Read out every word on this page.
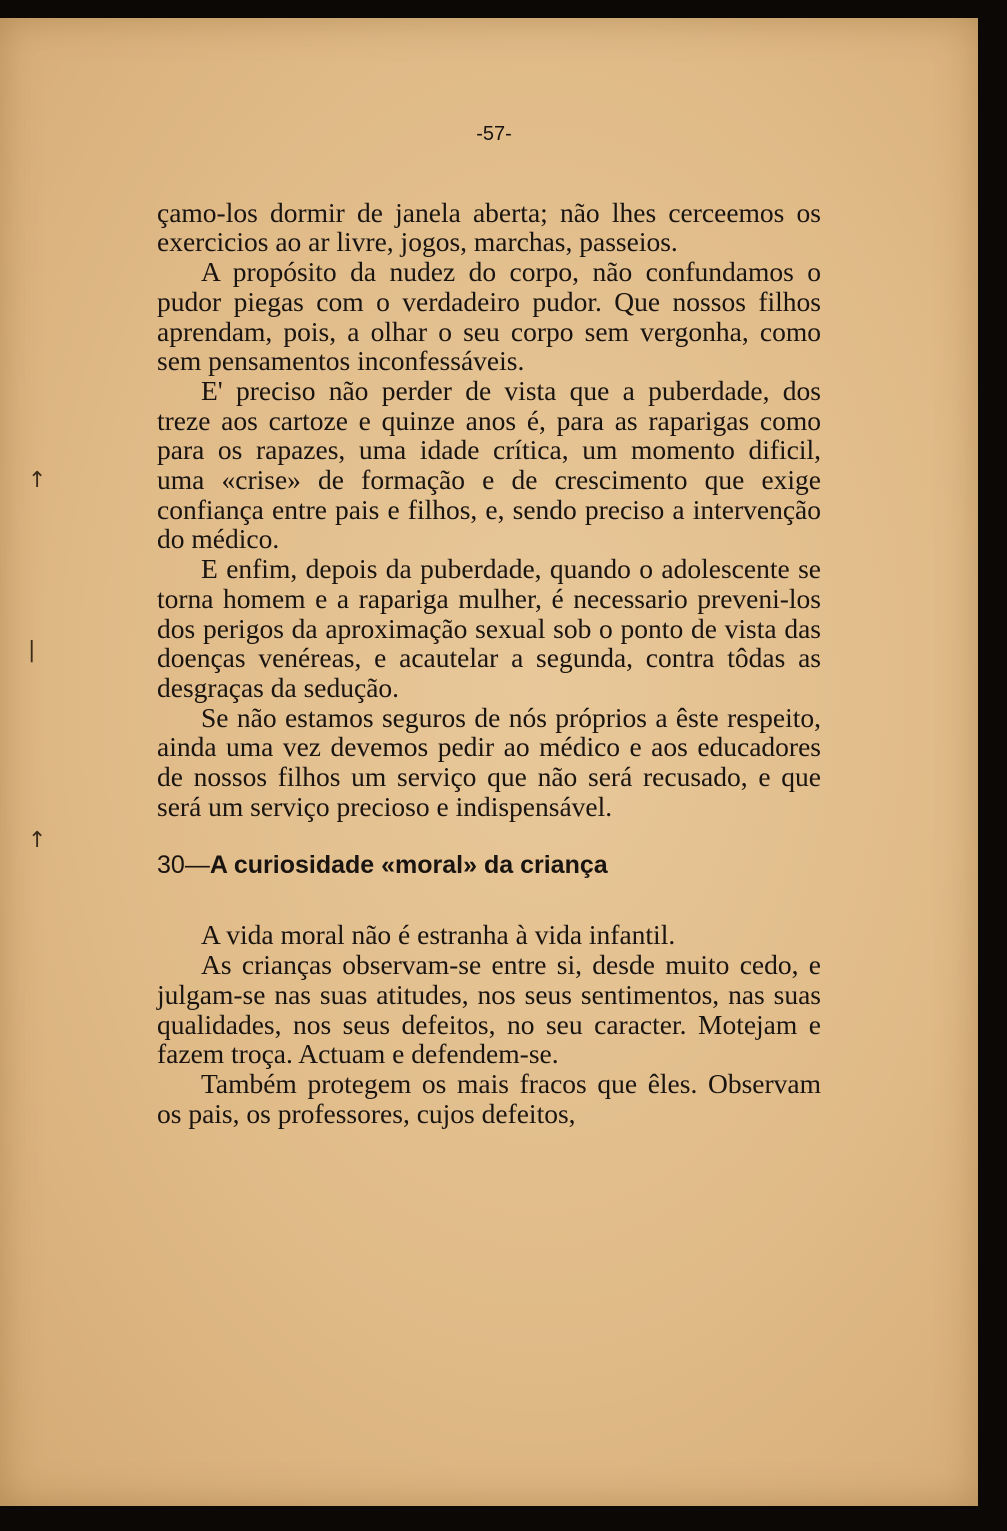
↑
|
↑
-57-

çamo-los dormir de janela aberta; não lhes cerceemos os exercicios ao ar livre, jogos, marchas, passeios.

A propósito da nudez do corpo, não confundamos o pudor piegas com o verdadeiro pudor. Que nossos filhos aprendam, pois, a olhar o seu corpo sem vergonha, como sem pensamentos inconfessáveis.

E' preciso não perder de vista que a puberdade, dos treze aos cartoze e quinze anos é, para as raparigas como para os rapazes, uma idade crítica, um momento dificil, uma «crise» de formação e de crescimento que exige confiança entre pais e filhos, e, sendo preciso a intervenção do médico.

E enfim, depois da puberdade, quando o adolescente se torna homem e a rapariga mulher, é necessario preveni-los dos perigos da aproximação sexual sob o ponto de vista das doenças venéreas, e acautelar a segunda, contra tôdas as desgraças da sedução.

Se não estamos seguros de nós próprios a êste respeito, ainda uma vez devemos pedir ao médico e aos educadores de nossos filhos um serviço que não será recusado, e que será um serviço precioso e indispensável.

30—A curiosidade «moral» da criança

A vida moral não é estranha à vida infantil.

As crianças observam-se entre si, desde muito cedo, e julgam-se nas suas atitudes, nos seus sentimentos, nas suas qualidades, nos seus defeitos, no seu caracter. Motejam e fazem troça. Actuam e defendem-se.

Também protegem os mais fracos que êles. Observam os pais, os professores, cujos defeitos,
